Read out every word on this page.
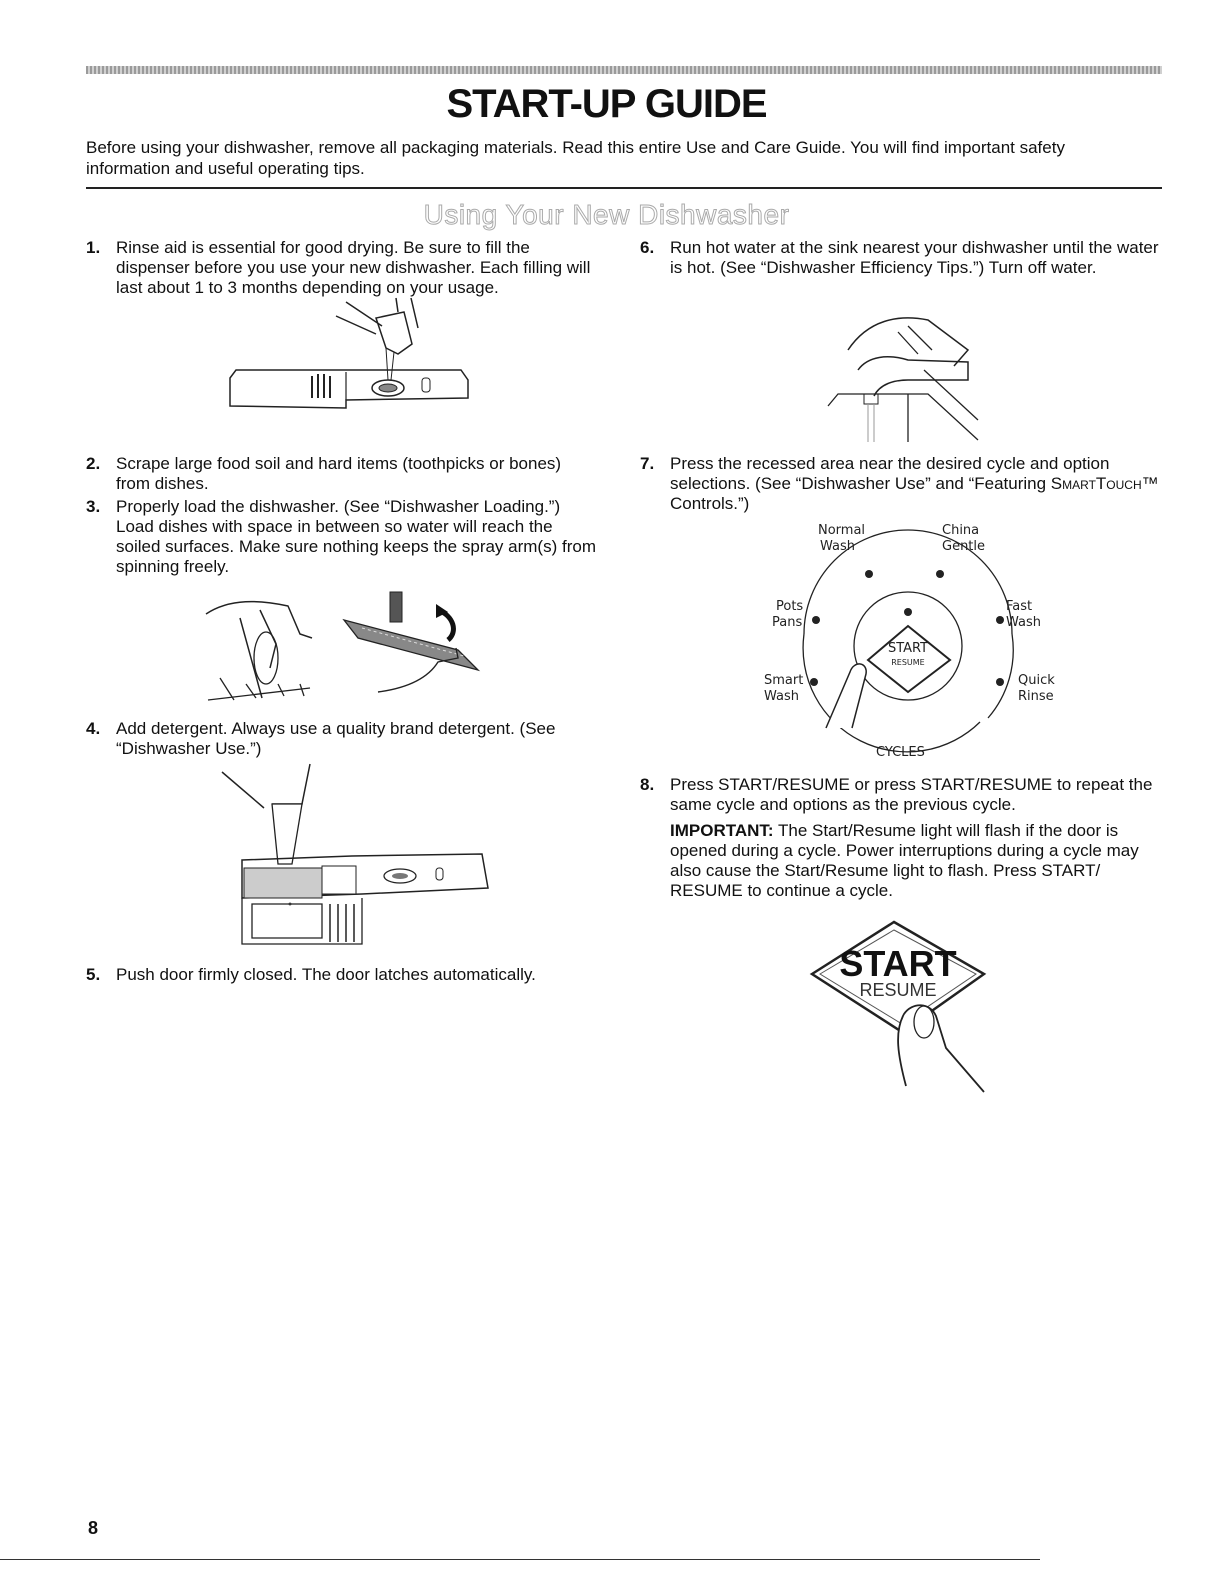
START-UP GUIDE
Before using your dishwasher, remove all packaging materials. Read this entire Use and Care Guide. You will find important safety information and useful operating tips.
Using Your New Dishwasher
1. Rinse aid is essential for good drying. Be sure to fill the dispenser before you use your new dishwasher. Each filling will last about 1 to 3 months depending on your usage.
2. Scrape large food soil and hard items (toothpicks or bones) from dishes.
3. Properly load the dishwasher. (See “Dishwasher Loading.”) Load dishes with space in between so water will reach the soiled surfaces. Make sure nothing keeps the spray arm(s) from spinning freely.
4. Add detergent. Always use a quality brand detergent. (See “Dishwasher Use.”)
5. Push door firmly closed. The door latches automatically.
6. Run hot water at the sink nearest your dishwasher until the water is hot. (See “Dishwasher Efficiency Tips.”) Turn off water.
7. Press the recessed area near the desired cycle and option selections. (See “Dishwasher Use” and “Featuring SmartTouch™ Controls.”)
START
RESUME
Normal
Wash
China
Gentle
Pots
Pans
Fast
Wash
Smart
Wash
Quick
Rinse
CYCLES
8. Press START/RESUME or press START/RESUME to repeat the same cycle and options as the previous cycle.
IMPORTANT: The Start/Resume light will flash if the door is opened during a cycle. Power interruptions during a cycle may also cause the Start/Resume light to flash. Press START/ RESUME to continue a cycle.
START
RESUME
8
